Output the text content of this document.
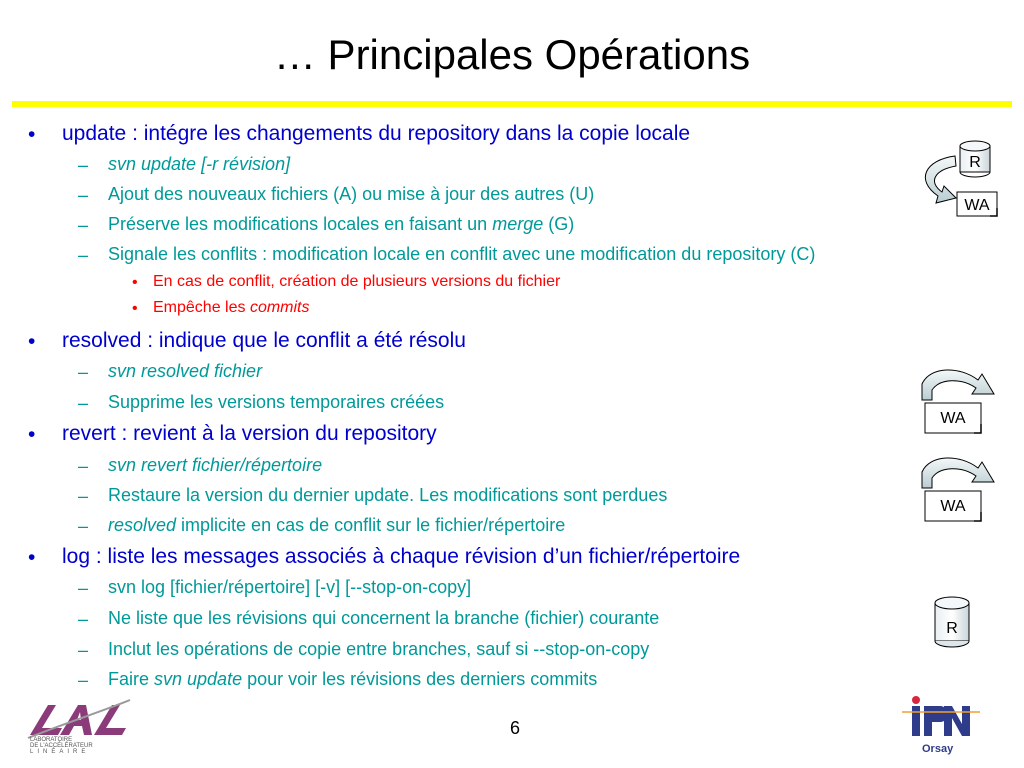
… Principales Opérations
• update : intégre les changements du repository dans la copie locale
– svn update [-r révision]
– Ajout des nouveaux fichiers (A) ou mise à jour des autres (U)
– Préserve les modifications locales en faisant un merge (G)
– Signale les conflits : modification locale en conflit avec une modification du repository (C)
• En cas de conflit, création de plusieurs versions du fichier
• Empêche les commits
• resolved : indique que le conflit a été résolu
– svn resolved fichier
– Supprime les versions temporaires créées
• revert : revient à la version du repository
– svn revert fichier/répertoire
– Restaure la version du dernier update. Les modifications sont perdues
– resolved implicite en cas de conflit sur le fichier/répertoire
• log : liste les messages associés à chaque révision d’un fichier/répertoire
– svn log [fichier/répertoire] [-v] [--stop-on-copy]
– Ne liste que les révisions qui concernent la branche (fichier) courante
– Inclut les opérations de copie entre branches, sauf si --stop-on-copy
– Faire svn update pour voir les révisions des derniers commits
R
WA
WA
WA
R
LABORATOIRE
DE L'ACCÉLÉRATEUR
LINÉAIRE	Orsay
6
